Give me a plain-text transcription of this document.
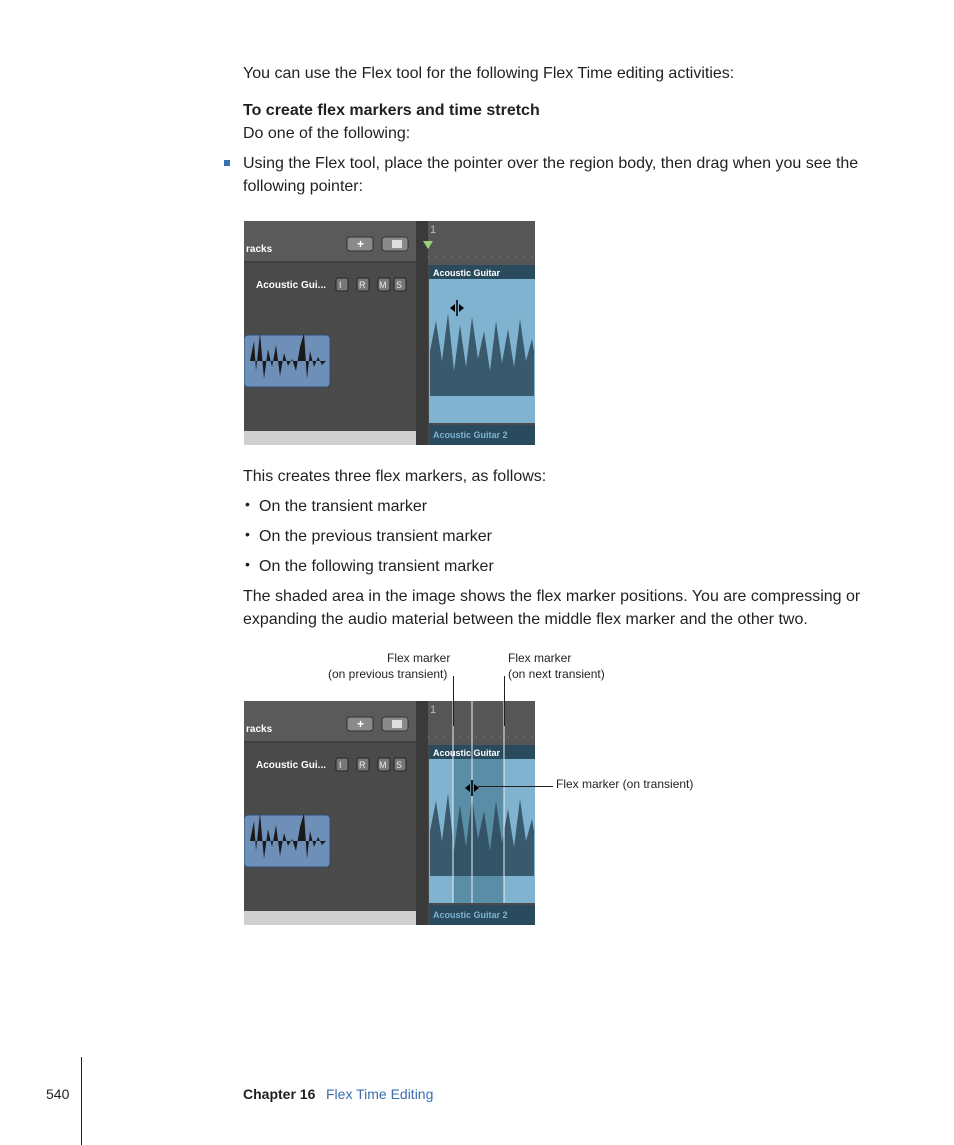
You can use the Flex tool for the following Flex Time editing activities:
To create flex markers and time stretch
Do one of the following:
Using the Flex tool, place the pointer over the region body, then drag when you see the
following pointer:
racks	+
Acoustic Gui... I R M S
1
Acoustic Guitar
Acoustic Guitar 2
This creates three flex markers, as follows:
• On the transient marker
• On the previous transient marker
• On the following transient marker
The shaded area in the image shows the flex marker positions. You are compressing or
expanding the audio material between the middle flex marker and the other two.
Flex marker
(on previous transient)
Flex marker
(on next transient)
Flex marker (on transient)
racks	+
Acoustic Gui... I R M S
1
Acoustic Guitar
Acoustic Guitar 2
540	Chapter 16 Flex Time Editing
